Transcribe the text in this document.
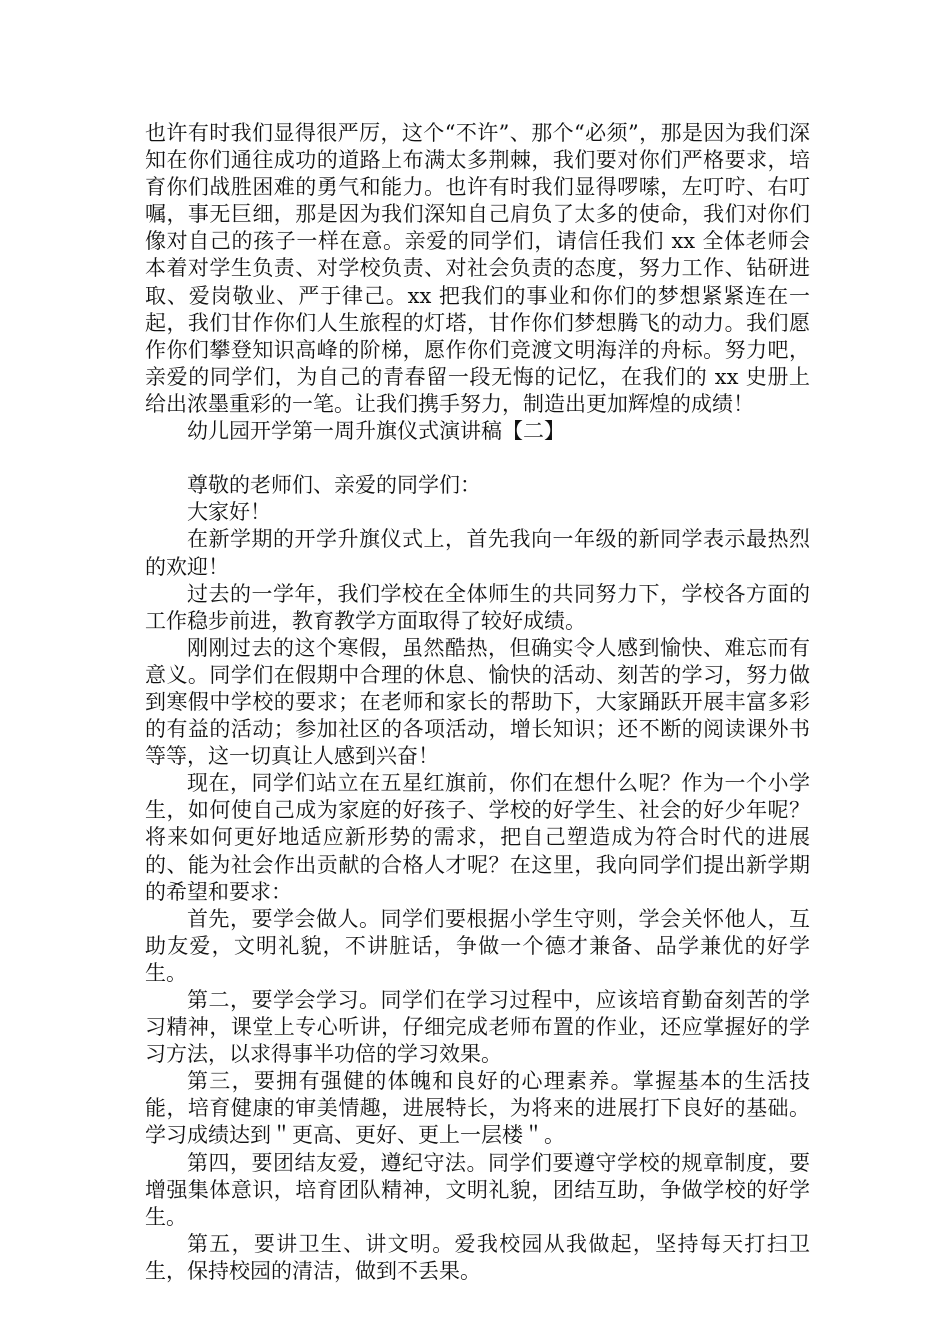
也许有时我们显得很严厉，这个“不许”、那个“必须”，那是因为我们深知在你们通往成功的道路上布满太多荆棘，我们要对你们严格要求，培育你们战胜困难的勇气和能力。也许有时我们显得啰嗦，左叮咛、右叮嘱，事无巨细，那是因为我们深知自己肩负了太多的使命，我们对你们像对自己的孩子一样在意。亲爱的同学们，请信任我们 xx 全体老师会本着对学生负责、对学校负责、对社会负责的态度，努力工作、钻研进取、爱岗敬业、严于律己。xx 把我们的事业和你们的梦想紧紧连在一起，我们甘作你们人生旅程的灯塔，甘作你们梦想腾飞的动力。我们愿作你们攀登知识高峰的阶梯，愿作你们竞渡文明海洋的舟标。努力吧，亲爱的同学们，为自己的青春留一段无悔的记忆，在我们的 xx 史册上给出浓墨重彩的一笔。让我们携手努力，制造出更加辉煌的成绩！

幼儿园开学第一周升旗仪式演讲稿【二】

尊敬的老师们、亲爱的同学们：

大家好！

在新学期的开学升旗仪式上，首先我向一年级的新同学表示最热烈的欢迎！

过去的一学年，我们学校在全体师生的共同努力下，学校各方面的工作稳步前进，教育教学方面取得了较好成绩。

刚刚过去的这个寒假，虽然酷热，但确实令人感到愉快、难忘而有意义。同学们在假期中合理的休息、愉快的活动、刻苦的学习，努力做到寒假中学校的要求；在老师和家长的帮助下，大家踊跃开展丰富多彩的有益的活动；参加社区的各项活动，增长知识；还不断的阅读课外书等等，这一切真让人感到兴奋！

现在，同学们站立在五星红旗前，你们在想什么呢？作为一个小学生，如何使自己成为家庭的好孩子、学校的好学生、社会的好少年呢？将来如何更好地适应新形势的需求，把自己塑造成为符合时代的进展的、能为社会作出贡献的合格人才呢？在这里，我向同学们提出新学期的希望和要求：

首先，要学会做人。同学们要根据小学生守则，学会关怀他人，互助友爱，文明礼貌，不讲脏话，争做一个德才兼备、品学兼优的好学生。

第二，要学会学习。同学们在学习过程中，应该培育勤奋刻苦的学习精神，课堂上专心听讲，仔细完成老师布置的作业，还应掌握好的学习方法，以求得事半功倍的学习效果。

第三，要拥有强健的体魄和良好的心理素养。掌握基本的生活技能，培育健康的审美情趣，进展特长，为将来的进展打下良好的基础。学习成绩达到＂更高、更好、更上一层楼＂。

第四，要团结友爱，遵纪守法。同学们要遵守学校的规章制度，要增强集体意识，培育团队精神，文明礼貌，团结互助，争做学校的好学生。

第五，要讲卫生、讲文明。爱我校园从我做起，坚持每天打扫卫生，保持校园的清洁，做到不丢果。
